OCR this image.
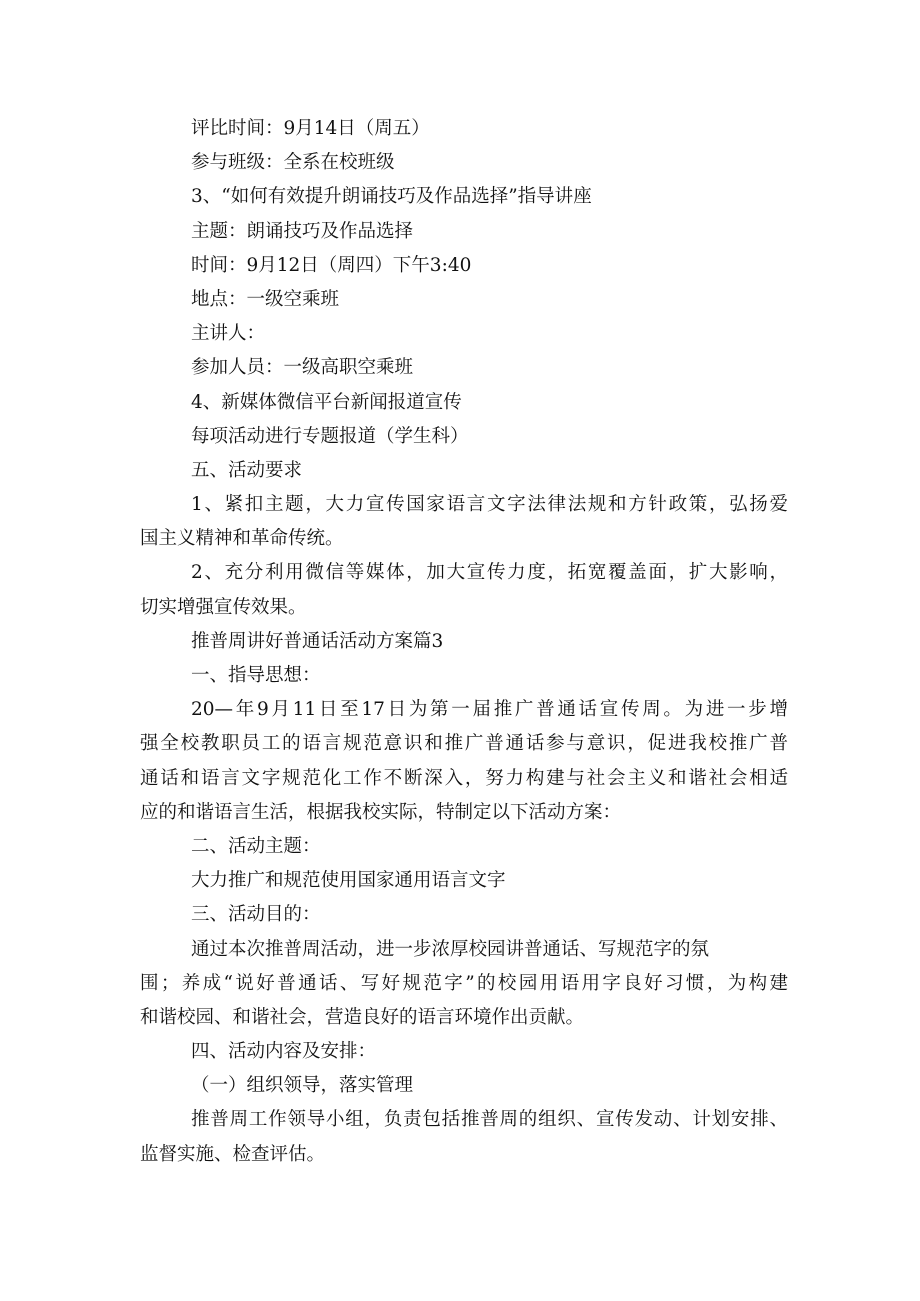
评比时间：9月14日（周五）

参与班级：全系在校班级

3、“如何有效提升朗诵技巧及作品选择”指导讲座

主题：朗诵技巧及作品选择

时间：9月12日（周四）下午3:40

地点：一级空乘班

主讲人：

参加人员：一级高职空乘班

4、新媒体微信平台新闻报道宣传

每项活动进行专题报道（学生科）

五、活动要求

1、紧扣主题，大力宣传国家语言文字法律法规和方针政策，弘扬爱

国主义精神和革命传统。

2、充分利用微信等媒体，加大宣传力度，拓宽覆盖面，扩大影响，

切实增强宣传效果。

推普周讲好普通话活动方案篇3

一、指导思想：

20—年9月11日至17日为第一届推广普通话宣传周。为进一步增

强全校教职员工的语言规范意识和推广普通话参与意识，促进我校推广普

通话和语言文字规范化工作不断深入，努力构建与社会主义和谐社会相适

应的和谐语言生活，根据我校实际，特制定以下活动方案：

二、活动主题：

大力推广和规范使用国家通用语言文字

三、活动目的：

通过本次推普周活动，进一步浓厚校园讲普通话、写规范字的氛

围；养成“说好普通话、写好规范字”的校园用语用字良好习惯，为构建

和谐校园、和谐社会，营造良好的语言环境作出贡献。

四、活动内容及安排：

（一）组织领导，落实管理

推普周工作领导小组，负责包括推普周的组织、宣传发动、计划安排、

监督实施、检查评估。
